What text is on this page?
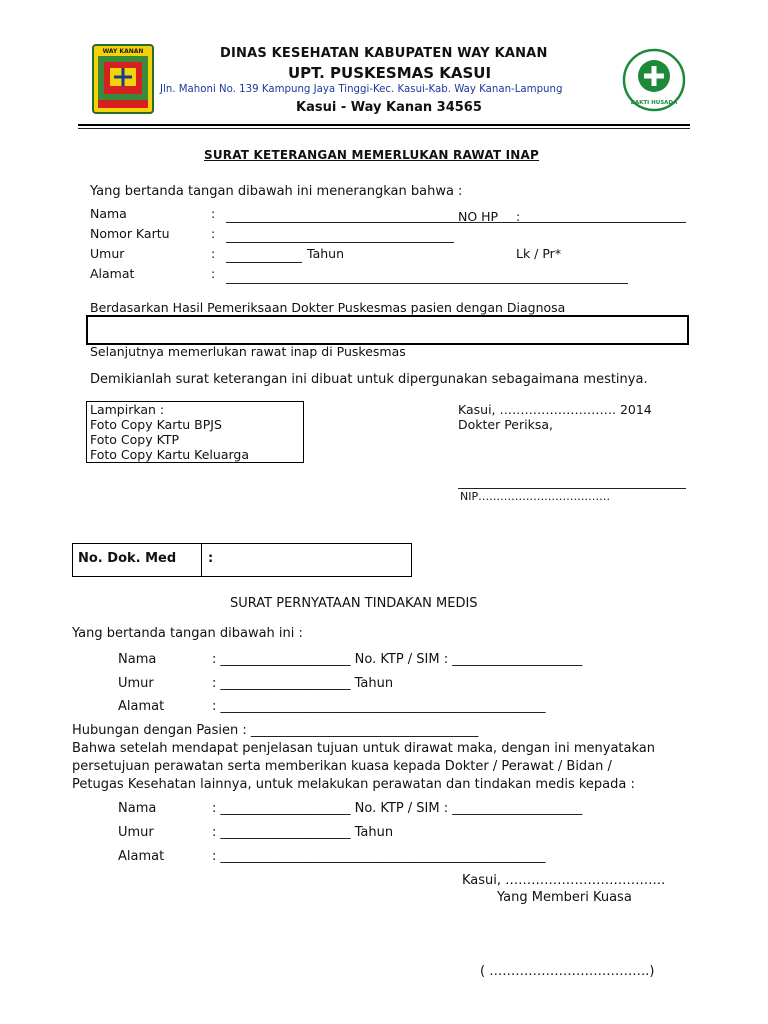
WAY KANAN
BAKTI HUSADA
DINAS KESEHATAN KABUPATEN WAY KANAN
UPT. PUSKESMAS KASUI
Jln. Mahoni No. 139 Kampung Jaya Tinggi-Kec. Kasui-Kab. Way Kanan-Lampung
Kasui - Way Kanan 34565
SURAT KETERANGAN MEMERLUKAN RAWAT INAP
Yang bertanda tangan dibawah ini menerangkan bahwa :
Nama	:	NO HP :
Nomor Kartu	:
Umur	:	Tahun	Lk / Pr*
Alamat	:
Berdasarkan Hasil Pemeriksaan Dokter Puskesmas pasien dengan Diagnosa
Selanjutnya memerlukan rawat inap di Puskesmas
Demikianlah surat keterangan ini dibuat untuk dipergunakan sebagaimana mestinya.
Lampirkan :
Foto Copy Kartu BPJS
Foto Copy KTP
Foto Copy Kartu Keluarga
Kasui, ………………………. 2014
Dokter Periksa,
NIP………………………………
No. Dok. Med :
SURAT PERNYATAAN TINDAKAN MEDIS
Yang bertanda tangan dibawah ini :
Nama	: ____________________ No. KTP / SIM : ____________________
Umur	: ____________________ Tahun
Alamat	: __________________________________________________
Hubungan dengan Pasien : ___________________________________
Bahwa setelah mendapat penjelasan tujuan untuk dirawat maka, dengan ini menyatakan
persetujuan perawatan serta memberikan kuasa kepada Dokter / Perawat / Bidan /
Petugas Kesehatan lainnya, untuk melakukan perawatan dan tindakan medis kepada :
Nama	: ____________________ No. KTP / SIM : ____________________
Umur	: ____________________ Tahun
Alamat	: __________________________________________________
Kasui, ……………………………….
Yang Memberi Kuasa
( ……………………………….)
